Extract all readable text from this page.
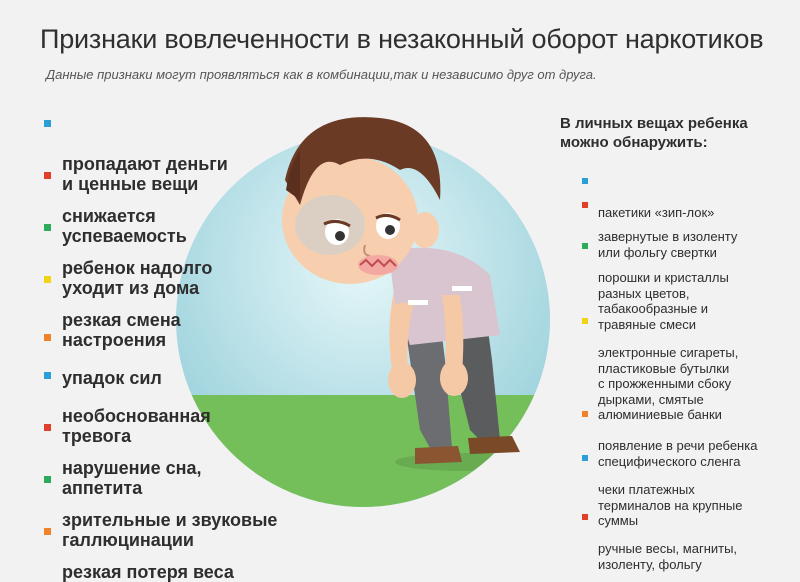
Признаки вовлеченности в незаконный оборот наркотиков
Данные признаки могут проявляться как в комбинации,так и независимо друг от друга.

пропадают деньги
и ценные вещи

снижается
успеваемость

ребенок надолго
уходит из дома

резкая смена
настроения

упадок сил

необоснованная
тревога

нарушение сна,
аппетита

зрительные и звуковые
галлюцинации

резкая потеря веса

В личных вещах ребенка
можно обнаружить:

пакетики «зип-лок»

завернутые в изоленту
или фольгу свертки

порошки и кристаллы
разных цветов,
табакообразные и
травяные смеси

электронные сигареты,
пластиковые бутылки
с прожженными сбоку
дырками, смятые
алюминиевые банки

появление в речи ребенка
специфического сленга

чеки платежных
терминалов на крупные
суммы

ручные весы, магниты,
изоленту, фольгу
